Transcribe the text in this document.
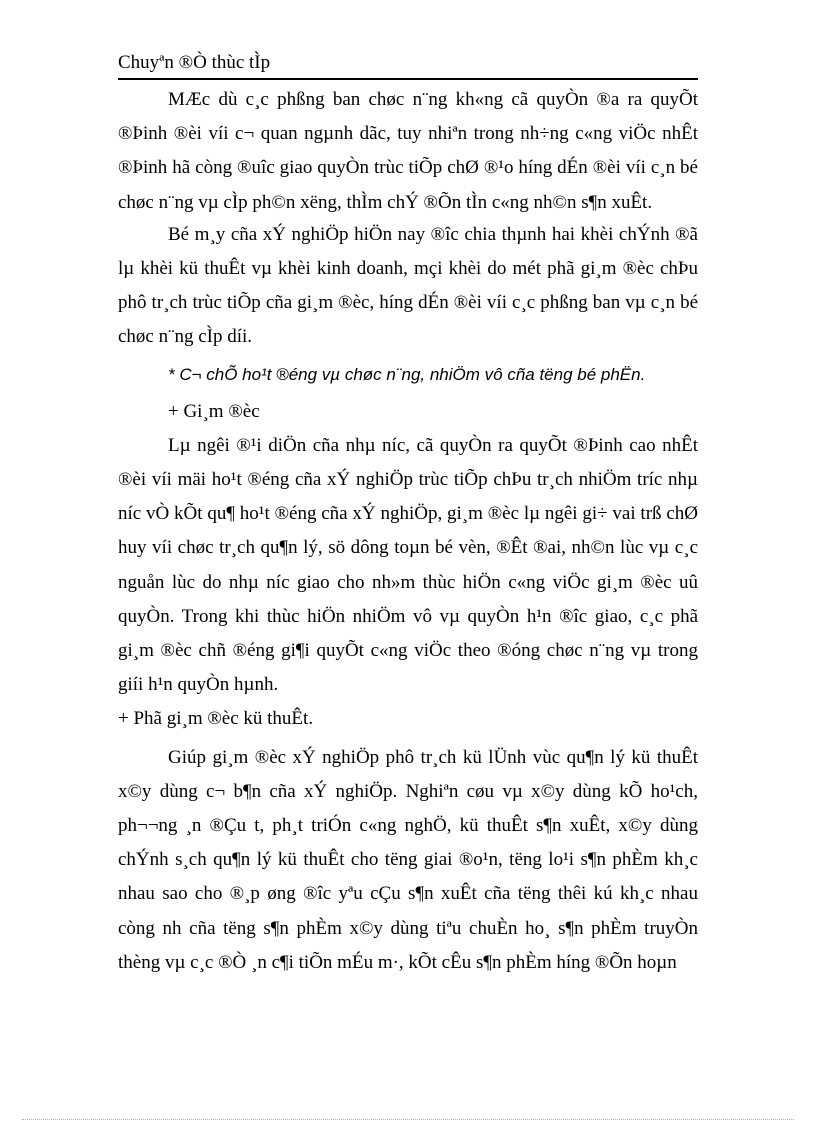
Chuyªn ®Ò thùc tÌp

MÆc dù c¸c phßng ban chøc n¨ng kh«ng cã quyÒn ®a ra quyÕt ®Þinh ®èi víi c¬ quan ngµnh dãc, tuy nhiªn trong nh÷ng c«ng viÖc nhÊt ®Þinh hã còng ®uîc giao quyÒn trùc tiÕp chØ ®¹o híng dÉn ®èi víi c¸n bé chøc n¨ng vµ cÌp ph©n xëng, thÌm chÝ ®Õn tÌn c«ng nh©n s¶n xuÊt.

Bé m¸y cña xÝ nghiÖp hiÖn nay ®îc chia thµnh hai khèi chÝnh ®ã lµ khèi kü thuÊt vµ khèi kinh doanh, mçi khèi do mét phã gi¸m ®èc chÞu phô tr¸ch trùc tiÕp cña gi¸m ®èc, híng dÉn ®èi víi c¸c phßng ban vµ c¸n bé chøc n¨ng cÌp díi.

* C¬ chÕ ho¹t ®éng vµ chøc n¨ng, nhiÖm vô cña tëng bé phËn.

+ Gi¸m ®èc

Lµ ngêi ®¹i diÖn cña nhµ níc, cã quyÒn ra quyÕt ®Þinh cao nhÊt ®èi víi mäi ho¹t ®éng cña xÝ nghiÖp trùc tiÕp chÞu tr¸ch nhiÖm tríc nhµ níc vÒ kÕt qu¶ ho¹t ®éng cña xÝ nghiÖp, gi¸m ®èc lµ ngêi gi÷ vai trß chØ huy víi chøc tr¸ch qu¶n lý, sö dông toµn bé vèn, ®Êt ®ai, nh©n lùc vµ c¸c nguån lùc do nhµ níc giao cho nh»m thùc hiÖn c«ng viÖc gi¸m ®èc uû quyÒn. Trong khi thùc hiÖn nhiÖm vô vµ quyÒn h¹n ®îc giao, c¸c phã gi¸m ®èc chñ ®éng gi¶i quyÕt c«ng viÖc theo ®óng chøc n¨ng vµ trong giíi h¹n quyÒn hµnh.

+ Phã gi¸m ®èc kü thuÊt.

Giúp gi¸m ®èc xÝ nghiÖp phô tr¸ch kü lÜnh vùc qu¶n lý kü thuÊt x©y dùng c¬ b¶n cña xÝ nghiÖp. Nghiªn cøu vµ x©y dùng kÕ ho¹ch, ph¬¬ng ¸n ®Çu t, ph¸t triÓn c«ng nghÖ, kü thuÊt s¶n xuÊt, x©y dùng chÝnh s¸ch qu¶n lý kü thuÊt cho tëng giai ®o¹n, tëng lo¹i s¶n phÈm kh¸c nhau sao cho ®¸p øng ®îc yªu cÇu s¶n xuÊt cña tëng thêi kú kh¸c nhau còng nh cña tëng s¶n phÈm x©y dùng tiªu chuÈn ho¸ s¶n phÈm truyÒn thèng vµ c¸c ®Ò ¸n c¶i tiÕn mÉu m·, kÕt cÊu s¶n phÈm híng ®Õn hoµn
